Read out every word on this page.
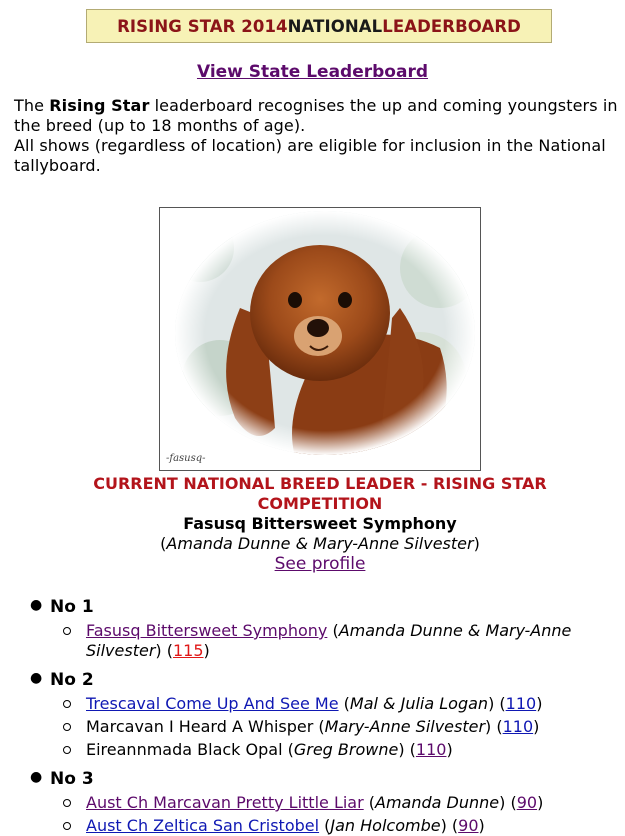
RISING STAR 2014 NATIONAL LEADERBOARD
View State Leaderboard

The Rising Star leaderboard recognises the up and coming youngsters in the breed (up to 18 months of age).

All shows (regardless of location) are eligible for inclusion in the National tallyboard.

-fasusq-
CURRENT NATIONAL BREED LEADER - RISING STAR COMPETITION
Fasusq Bittersweet Symphony
(Amanda Dunne & Mary-Anne Silvester)
See profile
● No 1
Fasusq Bittersweet Symphony (Amanda Dunne & Mary-Anne Silvester) (115)
● No 2
Trescaval Come Up And See Me (Mal & Julia Logan) (110)
Marcavan I Heard A Whisper (Mary-Anne Silvester) (110)
Eireannmada Black Opal (Greg Browne) (110)
● No 3
Aust Ch Marcavan Pretty Little Liar (Amanda Dunne) (90)
Aust Ch Zeltica San Cristobel (Jan Holcombe) (90)
